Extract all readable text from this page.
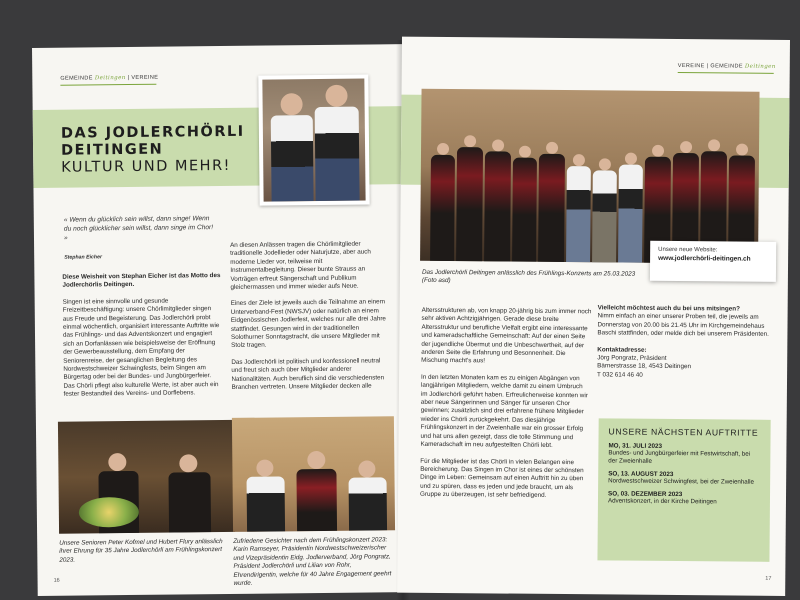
GEMEINDE Deitingen | VEREINE
DAS JODLERCHÖRLI
DEITINGEN
KULTUR UND MEHR!
« Wenn du glücklich sein willst, dann singe! Wenn du noch glücklicher sein willst, dann singe im Chor! »
Stephan Eicher

Diese Weisheit von Stephan Eicher ist das Motto des Jodlerchörlis Deitingen.

Singen ist eine sinnvolle und gesunde Freizeitbeschäftigung: unsere Chörlimitglieder singen aus Freude und Begeisterung. Das Jodlerchörli probt einmal wöchentlich, organisiert interessante Auftritte wie das Frühlings- und das Adventskonzert und engagiert sich an Dorfanlässen wie beispielsweise der Eröffnung der Gewerbeausstellung, dem Empfang der Seniorenreise, der gesanglichen Begleitung des Nordwestschweizer Schwingfests, beim Singen am Bürgertag oder bei der Bundes- und Jungbürgerfeier. Das Chörli pflegt also kulturelle Werte, ist aber auch ein fester Bestandteil des Vereins- und Dorflebens.

An diesen Anlässen tragen die Chörlimitglieder traditionelle Jodellieder oder Naturjutze, aber auch moderne Lieder vor, teilweise mit Instrumentalbegleitung. Dieser bunte Strauss an Vorträgen erfreut Sängerschaft und Publikum gleichermassen und immer wieder aufs Neue.

Eines der Ziele ist jeweils auch die Teilnahme an einem Unterverband-Fest (NWSJV) oder natürlich an einem Eidgenössischen Jodlerfest, welches nur alle drei Jahre stattfindet. Gesungen wird in der traditionellen Solothurner Sonntagstracht, die unsere Mitglieder mit Stolz tragen.

Das Jodlerchörli ist politisch und konfessionell neutral und freut sich auch über Mitglieder anderer Nationalitäten. Auch beruflich sind die verschiedensten Branchen vertreten. Unsere Mitglieder decken alle

Unsere Senioren Peter Kofmel und Hubert Flury anlässlich ihrer Ehrung für 35 Jahre Jodlerchörli am Frühlingskonzert 2023.
Zufriedene Gesichter nach dem Frühlingskonzert 2023: Karin Ramseyer, Präsidentin Nordwestschweizerischer und Vizepräsidentin Eidg. Jodlerverband, Jörg Pongratz, Präsident Jodlerchörli und Lilian von Rohr, Ehrendirigentin, welche für 40 Jahre Engagement geehrt wurde.
16
VEREINE | GEMEINDE Deitingen
Unsere neue Website:
www.jodlerchörli-deitingen.ch
Das Jodlerchörli Deitingen anlässlich des Frühlings-Konzerts am 25.03.2023 (Foto asd)

Altersstrukturen ab, von knapp 20-jährig bis zum immer noch sehr aktiven Achtzigjährigen. Gerade diese breite Altersstruktur und berufliche Vielfalt ergibt eine interessante und kameradschaftliche Gemeinschaft: Auf der einen Seite der jugendliche Übermut und die Unbeschwertheit, auf der anderen Seite die Erfahrung und Besonnenheit. Die Mischung macht's aus!

In den letzten Monaten kam es zu einigen Abgängen von langjährigen Mitgliedern, welche damit zu einem Umbruch im Jodlerchörli geführt haben. Erfreulicherweise konnten wir aber neue Sängerinnen und Sänger für unseren Chor gewinnen; zusätzlich sind drei erfahrene frühere Mitglieder wieder ins Chörli zurückgekehrt. Das diesjährige Frühlingskonzert in der Zweienhalle war ein grosser Erfolg und hat uns allen gezeigt, dass die tolle Stimmung und Kameradschaft im neu aufgestellten Chörli lebt.

Für die Mitglieder ist das Chörli in vielen Belangen eine Bereicherung. Das Singen im Chor ist eines der schönsten Dinge im Leben: Gemeinsam auf einen Auftritt hin zu üben und zu spüren, dass es jeden und jede braucht, um als Gruppe zu überzeugen, ist sehr befriedigend.

Vielleicht möchtest auch du bei uns mitsingen?
Nimm einfach an einer unserer Proben teil, die jeweils am Donnerstag von 20.00 bis 21.45 Uhr im Kirchgemeindehaus Baschi stattfinden, oder melde dich bei unserem Präsidenten.

Kontaktadresse:
Jörg Pongratz, Präsident
Bärnerstrasse 18, 4543 Deitingen
T 032 614 46 40

UNSERE NÄCHSTEN AUFTRITTE
MO, 31. JULI 2023
Bundes- und Jungbürgerfeier mit Festwirtschaft, bei der Zweienhalle
SO, 13. AUGUST 2023
Nordwestschweizer Schwingfest, bei der Zweienhalle
SO, 03. DEZEMBER 2023
Adventskonzert, in der Kirche Deitingen
17
